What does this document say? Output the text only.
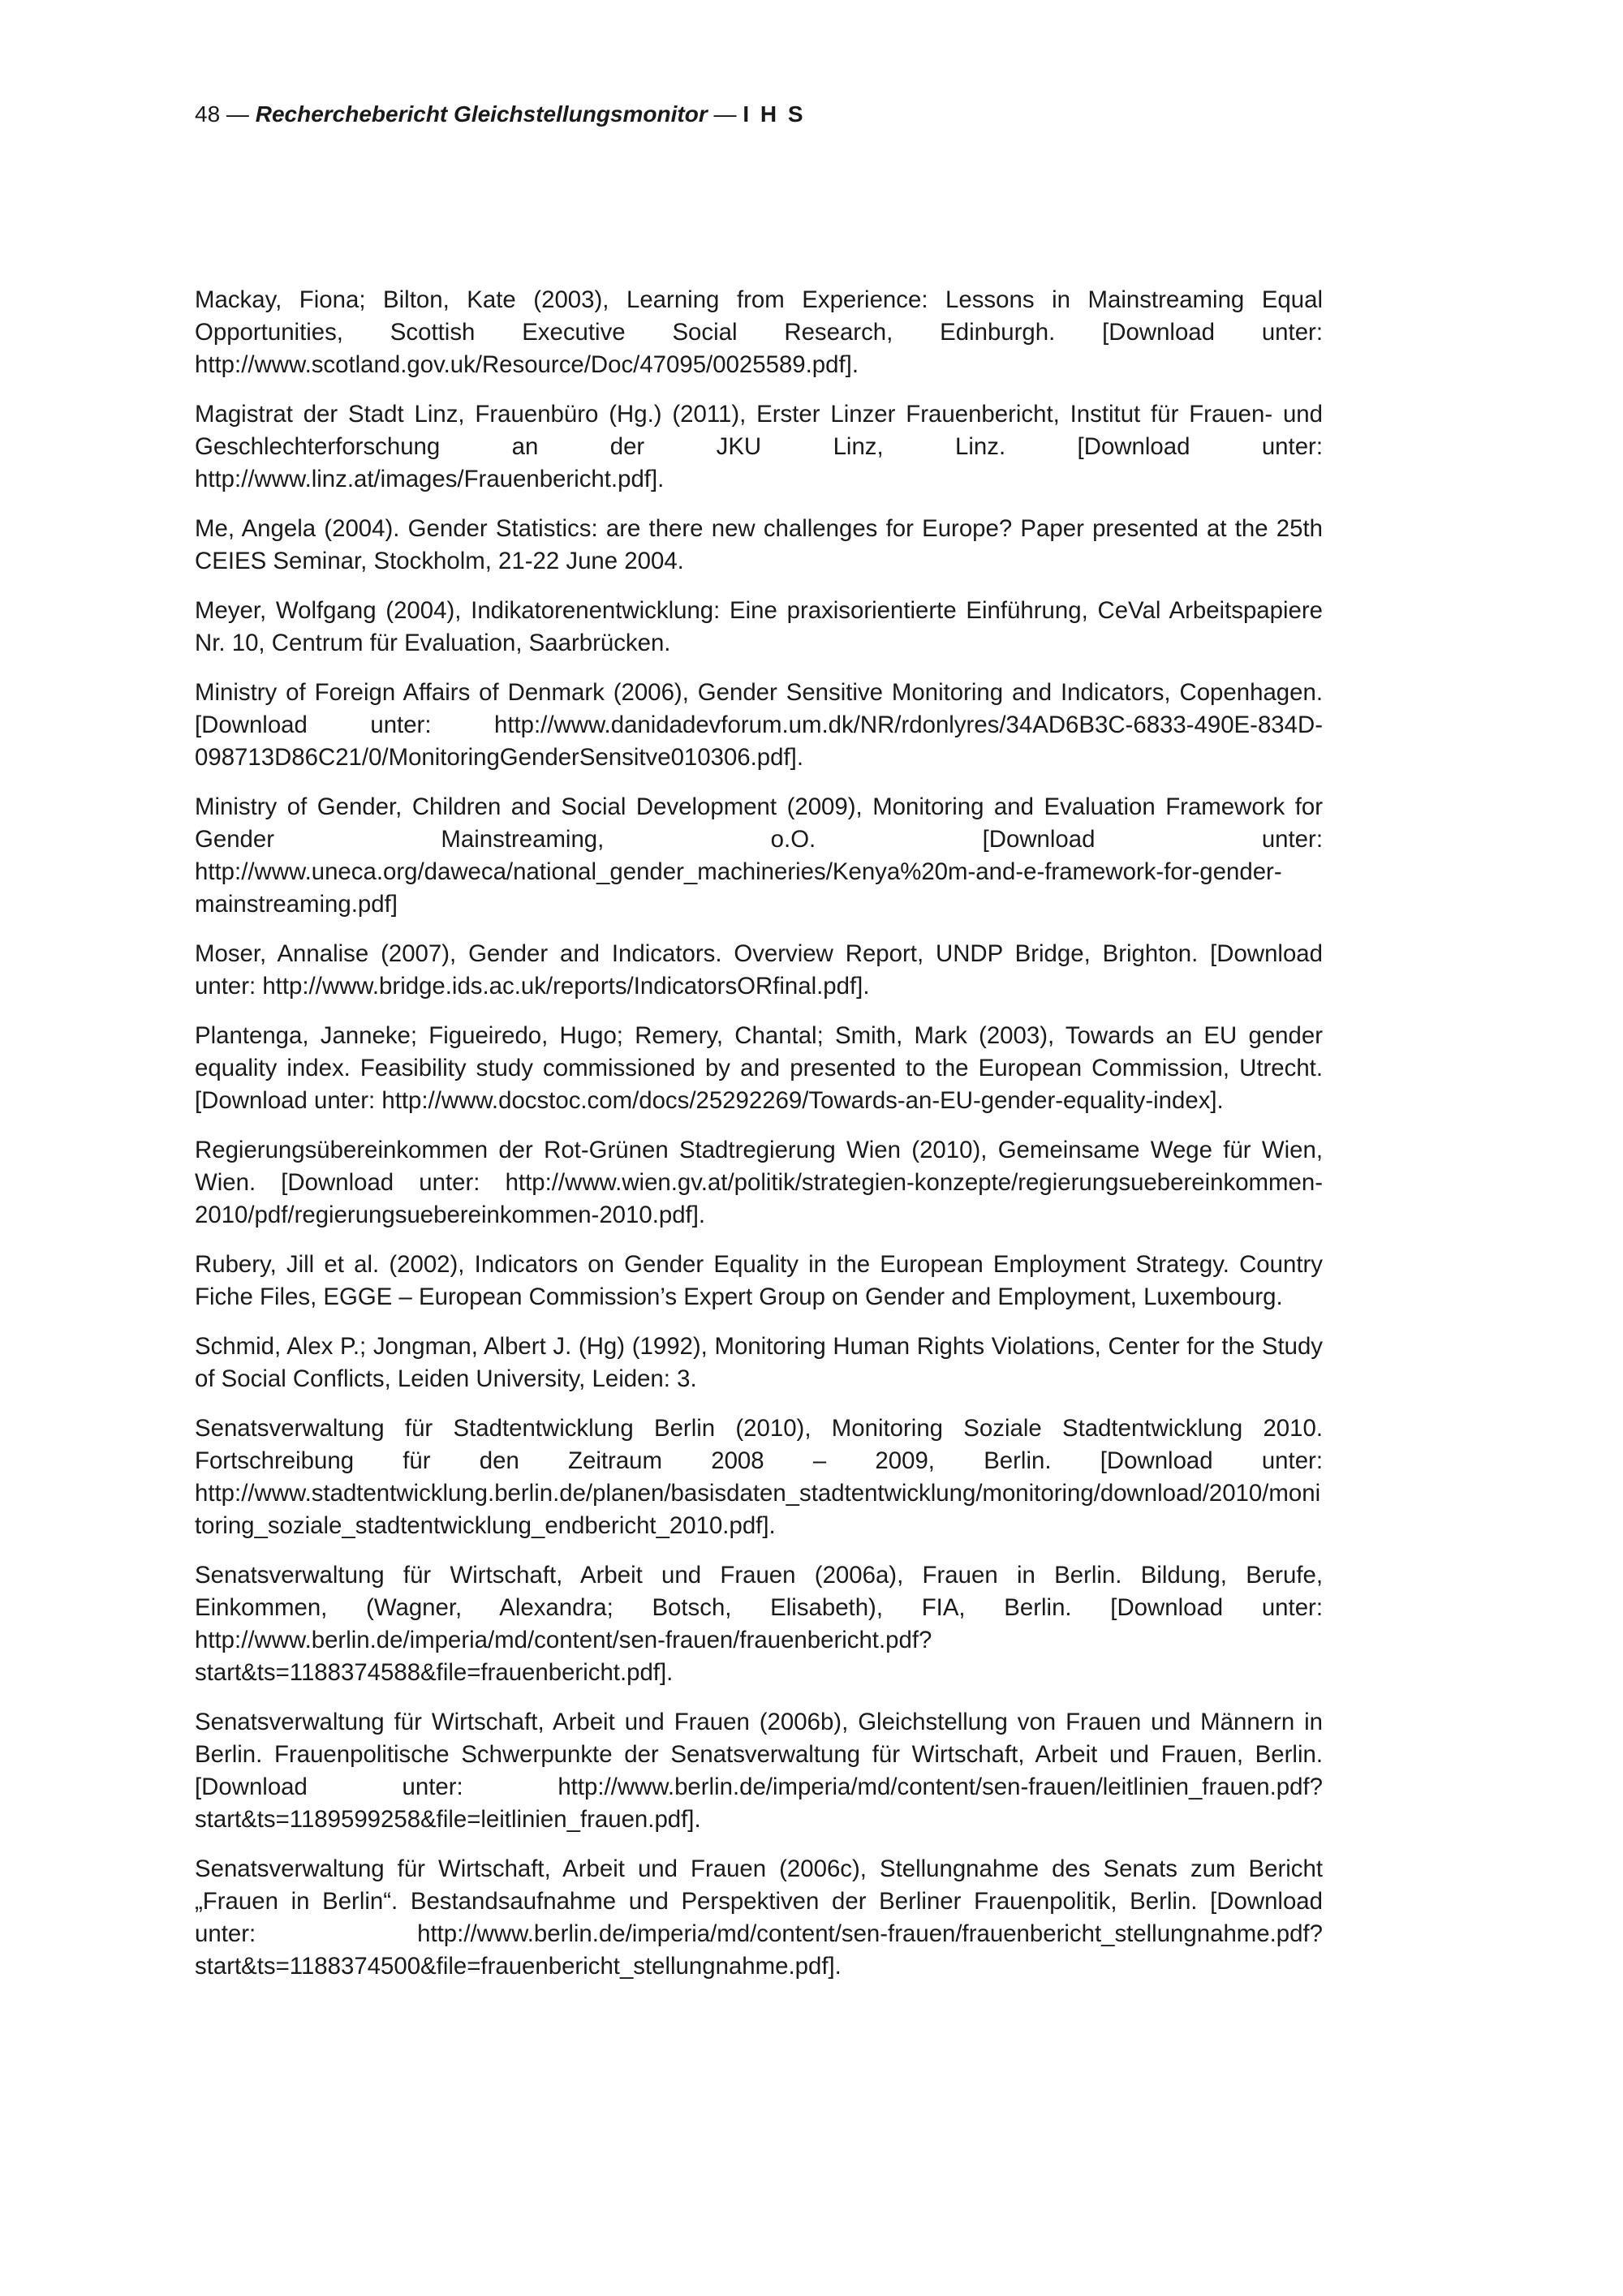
48 — Recherchebericht Gleichstellungsmonitor — I H S
Mackay, Fiona; Bilton, Kate (2003), Learning from Experience: Lessons in Mainstreaming Equal Opportunities, Scottish Executive Social Research, Edinburgh. [Download unter: http://www.scotland.gov.uk/Resource/Doc/47095/0025589.pdf].
Magistrat der Stadt Linz, Frauenbüro (Hg.) (2011), Erster Linzer Frauenbericht, Institut für Frauen- und Geschlechterforschung an der JKU Linz, Linz. [Download unter: http://www.linz.at/images/Frauenbericht.pdf].
Me, Angela (2004). Gender Statistics: are there new challenges for Europe? Paper presented at the 25th CEIES Seminar, Stockholm, 21-22 June 2004.
Meyer, Wolfgang (2004), Indikatorenentwicklung: Eine praxisorientierte Einführung, CeVal Arbeitspapiere Nr. 10, Centrum für Evaluation, Saarbrücken.
Ministry of Foreign Affairs of Denmark (2006), Gender Sensitive Monitoring and Indicators, Copenhagen. [Download unter: http://www.danidadevforum.um.dk/NR/rdonlyres/34AD6B3C-6833-490E-834D-098713D86C21/0/MonitoringGenderSensitve010306.pdf].
Ministry of Gender, Children and Social Development (2009), Monitoring and Evaluation Framework for Gender Mainstreaming, o.O. [Download unter: http://www.uneca.org/daweca/national_gender_machineries/Kenya%20m-and-e-framework-for-gender-mainstreaming.pdf]
Moser, Annalise (2007), Gender and Indicators. Overview Report, UNDP Bridge, Brighton. [Download unter: http://www.bridge.ids.ac.uk/reports/IndicatorsORfinal.pdf].
Plantenga, Janneke; Figueiredo, Hugo; Remery, Chantal; Smith, Mark (2003), Towards an EU gender equality index. Feasibility study commissioned by and presented to the European Commission, Utrecht. [Download unter: http://www.docstoc.com/docs/25292269/Towards-an-EU-gender-equality-index].
Regierungsübereinkommen der Rot-Grünen Stadtregierung Wien (2010), Gemeinsame Wege für Wien, Wien. [Download unter: http://www.wien.gv.at/politik/strategien-konzepte/regierungsuebereinkommen-2010/pdf/regierungsuebereinkommen-2010.pdf].
Rubery, Jill et al. (2002), Indicators on Gender Equality in the European Employment Strategy. Country Fiche Files, EGGE – European Commission’s Expert Group on Gender and Employment, Luxembourg.
Schmid, Alex P.; Jongman, Albert J. (Hg) (1992), Monitoring Human Rights Violations, Center for the Study of Social Conflicts, Leiden University, Leiden: 3.
Senatsverwaltung für Stadtentwicklung Berlin (2010), Monitoring Soziale Stadtentwicklung 2010. Fortschreibung für den Zeitraum 2008 – 2009, Berlin. [Download unter: http://www.stadtentwicklung.berlin.de/planen/basisdaten_stadtentwicklung/monitoring/download/2010/monitoring_soziale_stadtentwicklung_endbericht_2010.pdf].
Senatsverwaltung für Wirtschaft, Arbeit und Frauen (2006a), Frauen in Berlin. Bildung, Berufe, Einkommen, (Wagner, Alexandra; Botsch, Elisabeth), FIA, Berlin. [Download unter: http://www.berlin.de/imperia/md/content/sen-frauen/frauenbericht.pdf?start&ts=1188374588&file=frauenbericht.pdf].
Senatsverwaltung für Wirtschaft, Arbeit und Frauen (2006b), Gleichstellung von Frauen und Männern in Berlin. Frauenpolitische Schwerpunkte der Senatsverwaltung für Wirtschaft, Arbeit und Frauen, Berlin. [Download unter: http://www.berlin.de/imperia/md/content/sen-frauen/leitlinien_frauen.pdf?start&ts=1189599258&file=leitlinien_frauen.pdf].
Senatsverwaltung für Wirtschaft, Arbeit und Frauen (2006c), Stellungnahme des Senats zum Bericht „Frauen in Berlin“. Bestandsaufnahme und Perspektiven der Berliner Frauenpolitik, Berlin. [Download unter: http://www.berlin.de/imperia/md/content/sen-frauen/frauenbericht_stellungnahme.pdf?start&ts=1188374500&file=frauenbericht_stellungnahme.pdf].
